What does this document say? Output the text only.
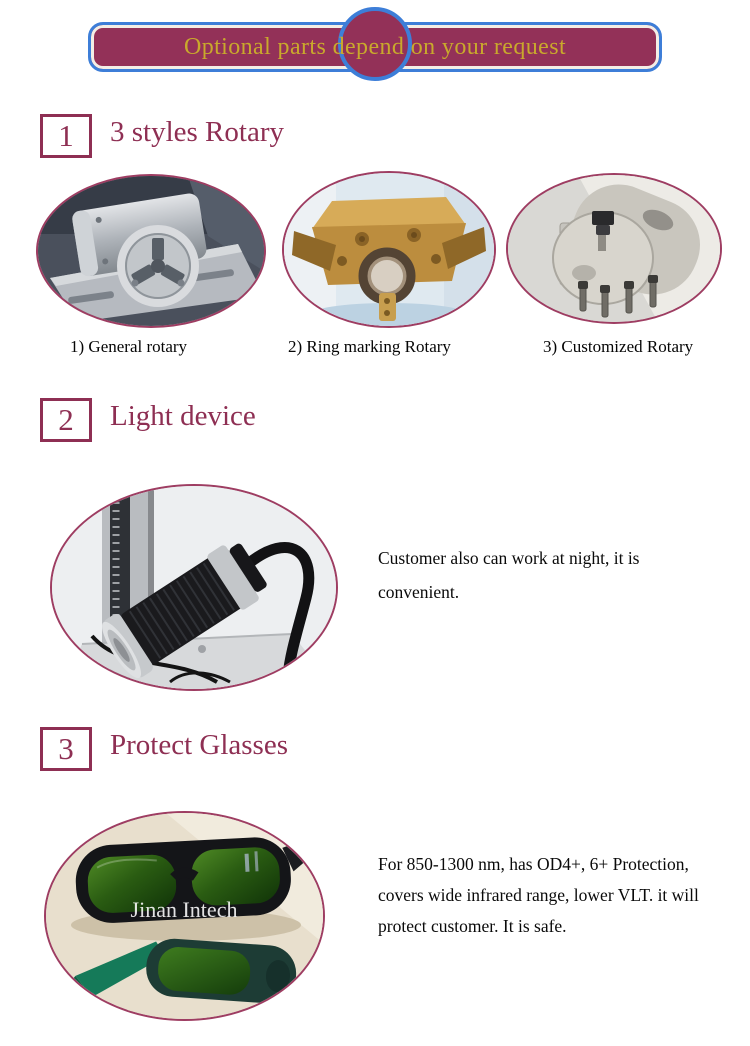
Optional parts depend on your request
1	3 styles Rotary
1) General rotary	2) Ring marking Rotary	3) Customized Rotary
2	Light device
Customer also can work at night, it is convenient.
3	Protect Glasses
Jinan Intech
For 850-1300 nm, has OD4+, 6+ Protection, covers wide infrared range, lower VLT. it will protect customer. It is safe.
